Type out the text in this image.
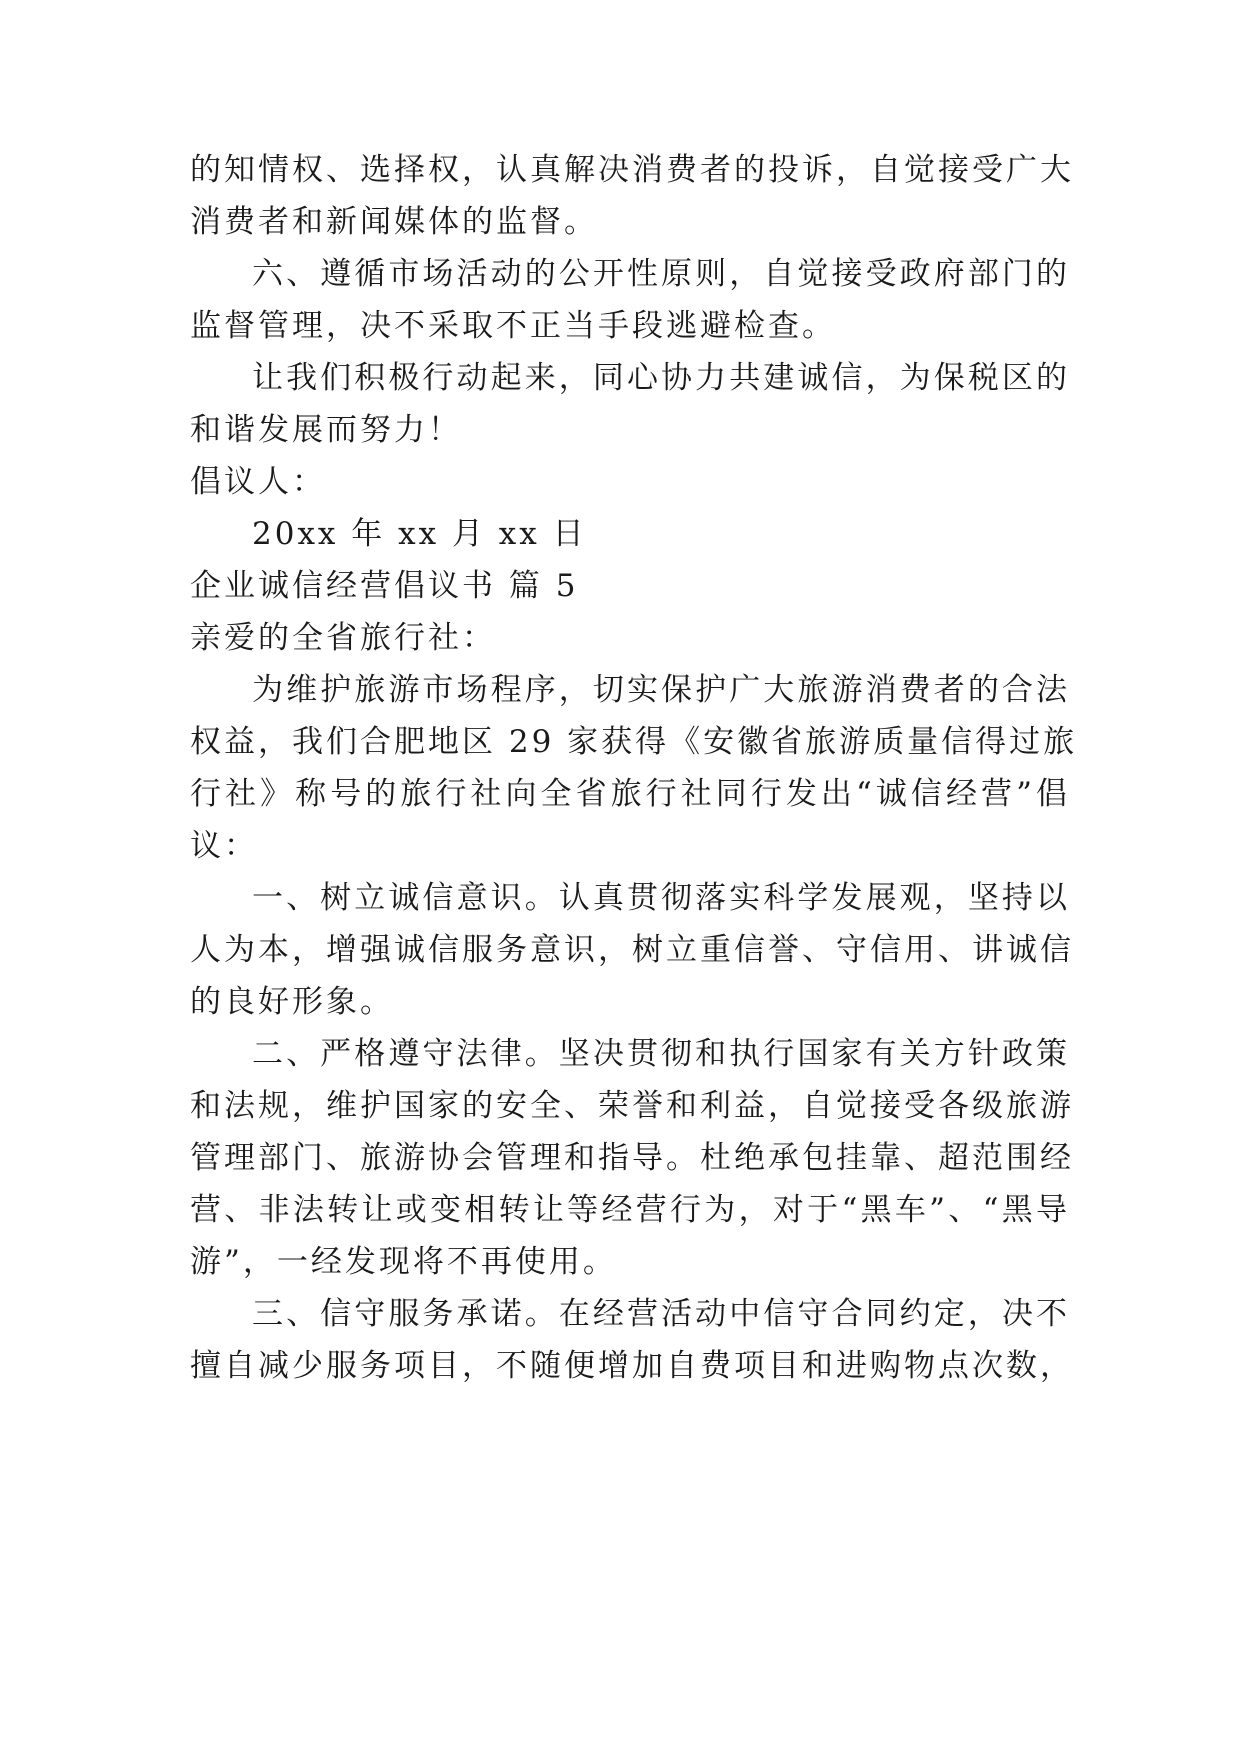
的知情权、选择权，认真解决消费者的投诉，自觉接受广大
消费者和新闻媒体的监督。
六、遵循市场活动的公开性原则，自觉接受政府部门的
监督管理，决不采取不正当手段逃避检查。
让我们积极行动起来，同心协力共建诚信，为保税区的
和谐发展而努力！
倡议人：
20xx 年 xx 月 xx 日
企业诚信经营倡议书 篇 5
亲爱的全省旅行社：
为维护旅游市场程序，切实保护广大旅游消费者的合法
权益，我们合肥地区 29 家获得《安徽省旅游质量信得过旅
行社》称号的旅行社向全省旅行社同行发出“诚信经营”倡
议：
一、树立诚信意识。认真贯彻落实科学发展观，坚持以
人为本，增强诚信服务意识，树立重信誉、守信用、讲诚信
的良好形象。
二、严格遵守法律。坚决贯彻和执行国家有关方针政策
和法规，维护国家的安全、荣誉和利益，自觉接受各级旅游
管理部门、旅游协会管理和指导。杜绝承包挂靠、超范围经
营、非法转让或变相转让等经营行为，对于“黑车”、“黑导
游”，一经发现将不再使用。
三、信守服务承诺。在经营活动中信守合同约定，决不
擅自减少服务项目，不随便增加自费项目和进购物点次数，
